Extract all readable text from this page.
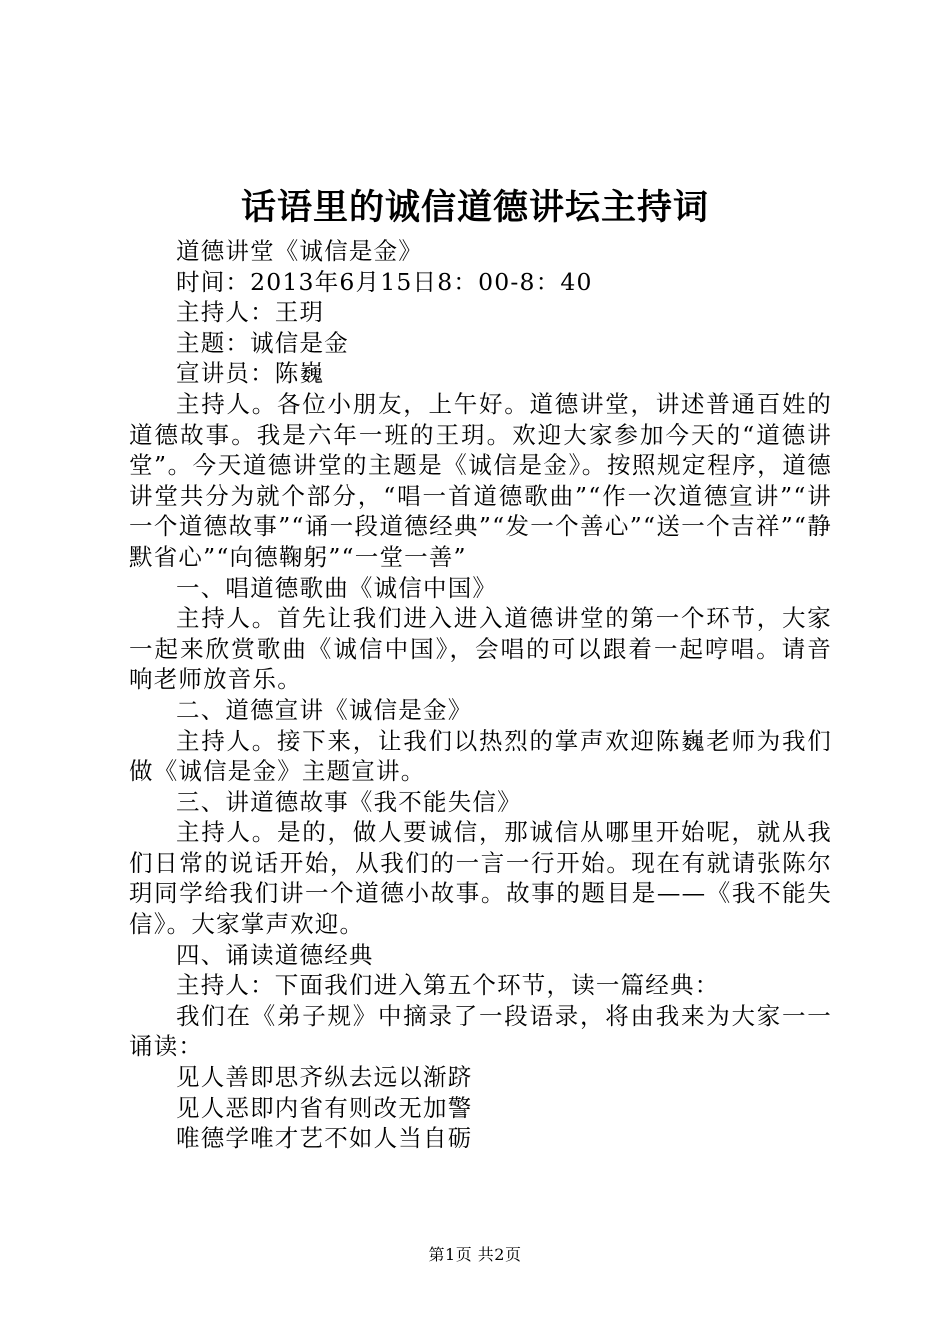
话语里的诚信道德讲坛主持词

道德讲堂《诚信是金》

时间：2013年6月15日8：00-8：40

主持人：王玥

主题：诚信是金

宣讲员：陈巍

主持人。各位小朋友，上午好。道德讲堂，讲述普通百姓的道德故事。我是六年一班的王玥。欢迎大家参加今天的“道德讲堂”。今天道德讲堂的主题是《诚信是金》。按照规定程序，道德讲堂共分为就个部分，“唱一首道德歌曲”“作一次道德宣讲”“讲一个道德故事”“诵一段道德经典”“发一个善心”“送一个吉祥”“静默省心”“向德鞠躬”“一堂一善”

一、唱道德歌曲《诚信中国》

主持人。首先让我们进入进入道德讲堂的第一个环节，大家一起来欣赏歌曲《诚信中国》，会唱的可以跟着一起哼唱。请音响老师放音乐。

二、道德宣讲《诚信是金》

主持人。接下来，让我们以热烈的掌声欢迎陈巍老师为我们做《诚信是金》主题宣讲。

三、讲道德故事《我不能失信》

主持人。是的，做人要诚信，那诚信从哪里开始呢，就从我们日常的说话开始，从我们的一言一行开始。现在有就请张陈尔玥同学给我们讲一个道德小故事。故事的题目是——《我不能失信》。大家掌声欢迎。

四、诵读道德经典

主持人：下面我们进入第五个环节，读一篇经典：

我们在《弟子规》中摘录了一段语录，将由我来为大家一一诵读：

见人善即思齐纵去远以渐跻

见人恶即内省有则改无加警

唯德学唯才艺不如人当自砺

第1页 共2页
